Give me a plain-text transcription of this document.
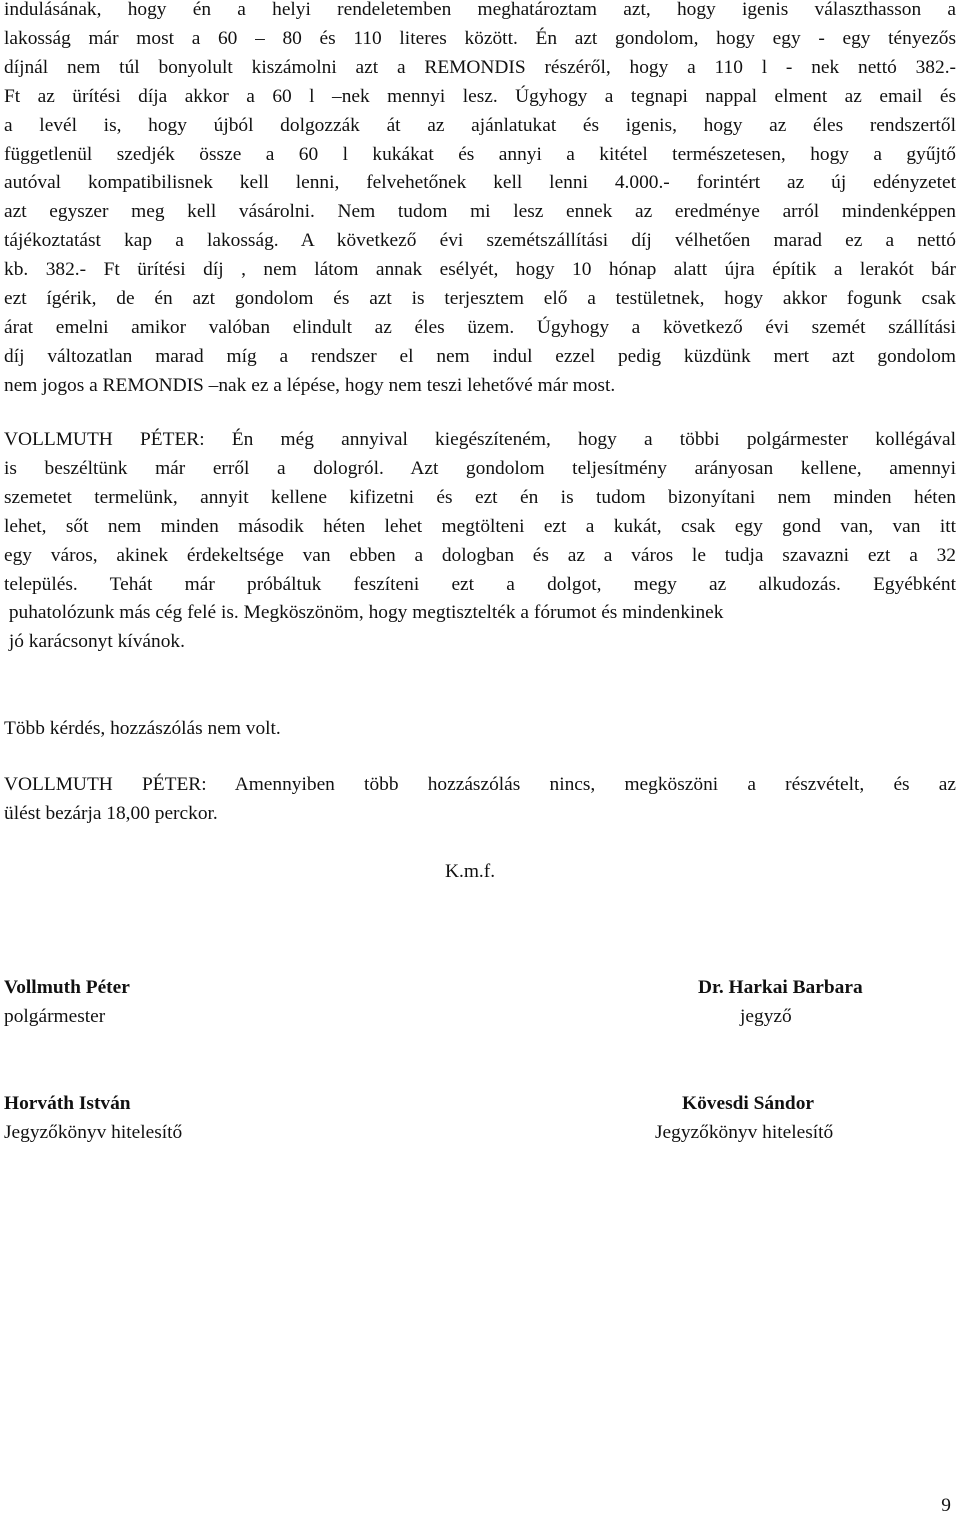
indulásának, hogy én a helyi rendeletemben meghatároztam azt, hogy igenis választhasson a
lakosság már most a 60 – 80 és 110 literes között. Én azt gondolom, hogy egy - egy tényezős
díjnál nem túl bonyolult kiszámolni azt a REMONDIS részéről, hogy a 110 l - nek nettó 382.-
Ft az ürítési díja akkor a 60 l –nek mennyi lesz. Úgyhogy a tegnapi nappal elment az email és
a levél is, hogy újból dolgozzák át az ajánlatukat és igenis, hogy az éles rendszertől
függetlenül szedjék össze a 60 l kukákat és annyi a kitétel természetesen, hogy a gyűjtő
autóval kompatibilisnek kell lenni, felvehetőnek kell lenni 4.000.- forintért az új edényzetet
azt egyszer meg kell vásárolni. Nem tudom mi lesz ennek az eredménye arról mindenképpen
tájékoztatást kap a lakosság. A következő évi szemétszállítási díj vélhetően marad ez a nettó
kb. 382.- Ft ürítési díj , nem látom annak esélyét, hogy 10 hónap alatt újra építik a lerakót bár
ezt ígérik, de én azt gondolom és azt is terjesztem elő a testületnek, hogy akkor fogunk csak
árat emelni amikor valóban elindult az éles üzem. Úgyhogy a következő évi szemét szállítási
díj változatlan marad míg a rendszer el nem indul ezzel pedig küzdünk mert azt gondolom
nem jogos a REMONDIS –nak ez a lépése, hogy nem teszi lehetővé már most.

VOLLMUTH PÉTER: Én még annyival kiegészíteném, hogy a többi polgármester kollégával
is beszéltünk már erről a dologról. Azt gondolom teljesítmény arányosan kellene, amennyi
szemetet termelünk, annyit kellene kifizetni és ezt én is tudom bizonyítani nem minden héten
lehet, sőt nem minden második héten lehet megtölteni ezt a kukát, csak egy gond van, van itt
egy város, akinek érdekeltsége van ebben a dologban és az a város le tudja szavazni ezt a 32
település. Tehát már próbáltuk feszíteni ezt a dolgot, megy az alkudozás. Egyébként
puhatolózunk más cég felé is. Megköszönöm, hogy megtisztelték a fórumot és mindenkinek
jó karácsonyt kívánok.

Több kérdés, hozzászólás nem volt.

VOLLMUTH PÉTER: Amennyiben több hozzászólás nincs, megköszöni a részvételt, és az
ülést bezárja 18,00 perckor.

K.m.f.

Vollmuth Péter
polgármester
Dr. Harkai Barbara
jegyző
Horváth István
Jegyzőkönyv hitelesítő
Kövesdi Sándor
Jegyzőkönyv hitelesítő
9
